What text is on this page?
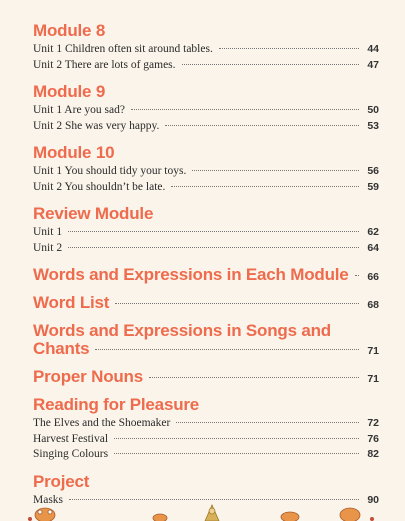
Module 8
Unit 1 Children often sit around tables.	44
Unit 2 There are lots of games.	47
Module 9
Unit 1 Are you sad?	50
Unit 2 She was very happy.	53
Module 10
Unit 1 You should tidy your toys.	56
Unit 2 You shouldn’t be late.	59
Review Module
Unit 1	62
Unit 2	64
Words and Expressions in Each Module	66
Word List	68
Words and Expressions in Songs and
Chants	71
Proper Nouns	71
Reading for Pleasure
The Elves and the Shoemaker	72
Harvest Festival	76
Singing Colours	82
Project
Masks	90
